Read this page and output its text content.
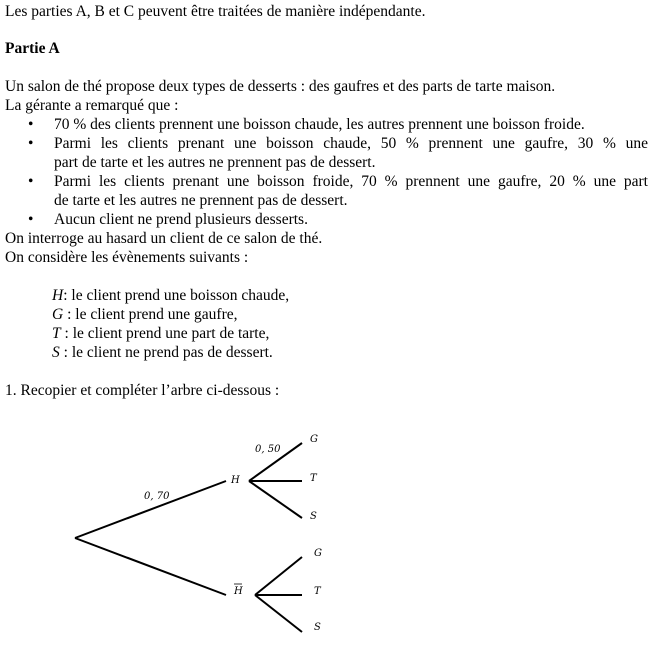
Les parties A, B et C peuvent être traitées de manière indépendante.
Partie A
Un salon de thé propose deux types de desserts : des gaufres et des parts de tarte maison.
La gérante a remarqué que :
• 70 % des clients prennent une boisson chaude, les autres prennent une boisson froide.
• Parmi les clients prenant une boisson chaude, 50 % prennent une gaufre, 30 % une
part de tarte et les autres ne prennent pas de dessert.
• Parmi les clients prenant une boisson froide, 70 % prennent une gaufre, 20 % une part
de tarte et les autres ne prennent pas de dessert.
• Aucun client ne prend plusieurs desserts.
On interroge au hasard un client de ce salon de thé.
On considère les évènements suivants :
H: le client prend une boisson chaude,
G : le client prend une gaufre,
T : le client prend une part de tarte,
S : le client ne prend pas de dessert.
1. Recopier et compléter l’arbre ci-dessous :
0, 70
0, 50
H
H
G
T
S
G
T
S
